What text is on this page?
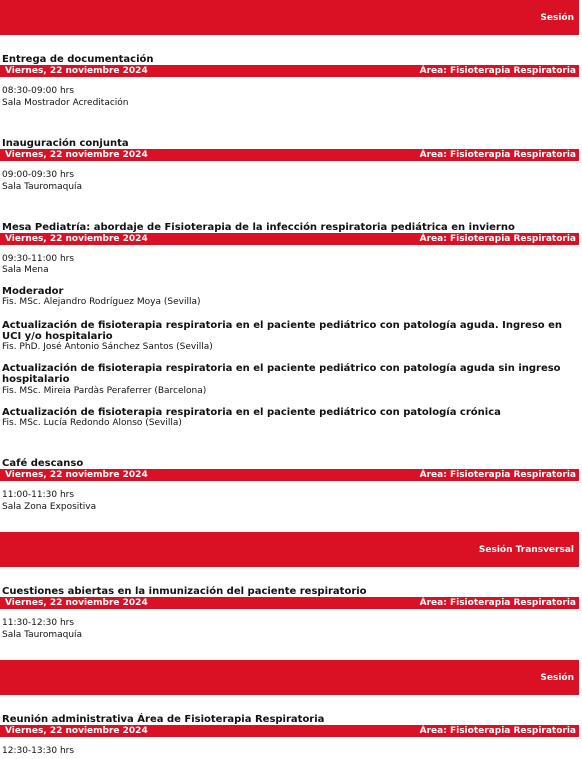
Sesión
Entrega de documentación
Viernes, 22 noviembre 2024	Área: Fisioterapia Respiratoria
08:30-09:00 hrs
Sala Mostrador Acreditación
Inauguración conjunta
Viernes, 22 noviembre 2024	Área: Fisioterapia Respiratoria
09:00-09:30 hrs
Sala Tauromaquía
Mesa Pediatría: abordaje de Fisioterapia de la infección respiratoria pediátrica en invierno
Viernes, 22 noviembre 2024	Área: Fisioterapia Respiratoria
09:30-11:00 hrs
Sala Mena
Moderador
Fis. MSc. Alejandro Rodríguez Moya (Sevilla)
Actualización de fisioterapia respiratoria en el paciente pediátrico con patología aguda. Ingreso en UCI y/o hospitalario
Fis. PhD. José Antonio Sánchez Santos (Sevilla)
Actualización de fisioterapia respiratoria en el paciente pediátrico con patología aguda sin ingreso hospitalario
Fis. MSc. Mireia Pardàs Peraferrer (Barcelona)
Actualización de fisioterapia respiratoria en el paciente pediátrico con patología crónica
Fis. MSc. Lucía Redondo Alonso (Sevilla)
Café descanso
Viernes, 22 noviembre 2024	Área: Fisioterapia Respiratoria
11:00-11:30 hrs
Sala Zona Expositiva
Sesión Transversal
Cuestiones abiertas en la inmunización del paciente respiratorio
Viernes, 22 noviembre 2024	Área: Fisioterapia Respiratoria
11:30-12:30 hrs
Sala Tauromaquía
Sesión
Reunión administrativa Área de Fisioterapia Respiratoria
Viernes, 22 noviembre 2024	Área: Fisioterapia Respiratoria
12:30-13:30 hrs
